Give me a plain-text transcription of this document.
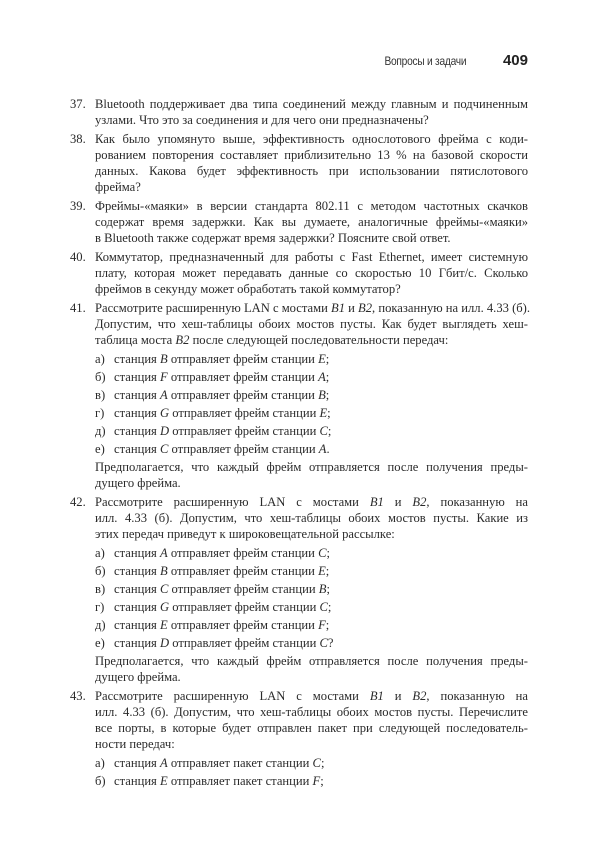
Вопросы и задачи 409
37. Bluetooth поддерживает два типа соединений между главным и подчиненным
узлами. Что это за соединения и для чего они предназначены?
38. Как было упомянуто выше, эффективность однослотового фрейма с коди-
рованием повторения составляет приблизительно 13 % на базовой скорости
данных. Какова будет эффективность при использовании пятислотового
фрейма?
39. Фреймы-«маяки» в версии стандарта 802.11 с методом частотных скачков
содержат время задержки. Как вы думаете, аналогичные фреймы-«маяки»
в Bluetooth также содержат время задержки? Поясните свой ответ.
40. Коммутатор, предназначенный для работы с Fast Ethernet, имеет системную
плату, которая может передавать данные со скоростью 10 Гбит/с. Сколько
фреймов в секунду может обработать такой коммутатор?
41. Рассмотрите расширенную LAN с мостами B1 и B2, показанную на илл. 4.33 (б).
Допустим, что хеш-таблицы обоих мостов пусты. Как будет выглядеть хеш-
таблица моста B2 после следующей последовательности передач:
а) станция B отправляет фрейм станции E;
б) станция F отправляет фрейм станции A;
в) станция A отправляет фрейм станции B;
г) станция G отправляет фрейм станции E;
д) станция D отправляет фрейм станции C;
е) станция C отправляет фрейм станции A.
Предполагается, что каждый фрейм отправляется после получения преды-
дущего фрейма.
42. Рассмотрите расширенную LAN с мостами B1 и B2, показанную на
илл. 4.33 (б). Допустим, что хеш-таблицы обоих мостов пусты. Какие из
этих передач приведут к широковещательной рассылке:
а) станция A отправляет фрейм станции C;
б) станция B отправляет фрейм станции E;
в) станция C отправляет фрейм станции B;
г) станция G отправляет фрейм станции C;
д) станция E отправляет фрейм станции F;
е) станция D отправляет фрейм станции C?
Предполагается, что каждый фрейм отправляется после получения преды-
дущего фрейма.
43. Рассмотрите расширенную LAN с мостами B1 и B2, показанную на
илл. 4.33 (б). Допустим, что хеш-таблицы обоих мостов пусты. Перечислите
все порты, в которые будет отправлен пакет при следующей последователь-
ности передач:
а) станция A отправляет пакет станции C;
б) станция E отправляет пакет станции F;
